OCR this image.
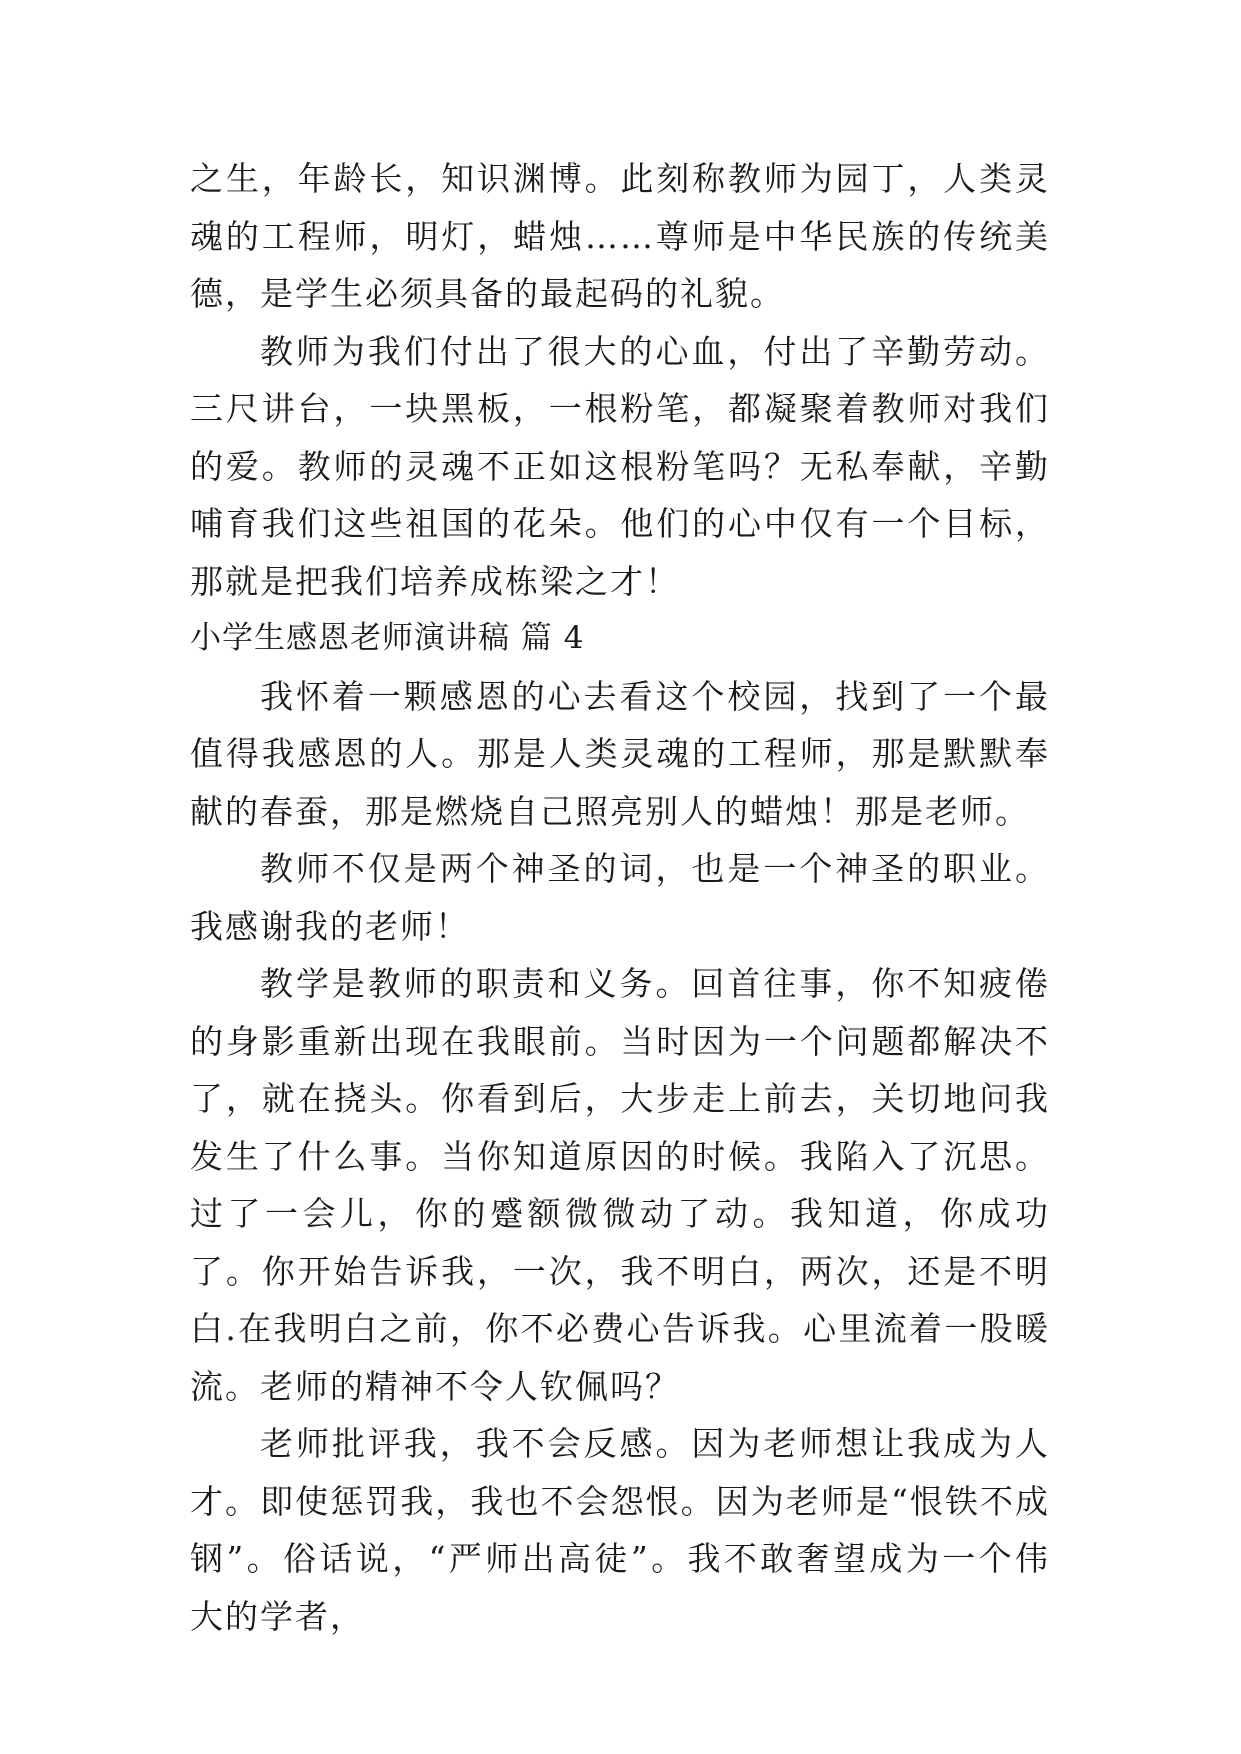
之生，年龄长，知识渊博。此刻称教师为园丁，人类灵魂的工程师，明灯，蜡烛……尊师是中华民族的传统美德，是学生必须具备的最起码的礼貌。

教师为我们付出了很大的心血，付出了辛勤劳动。三尺讲台，一块黑板，一根粉笔，都凝聚着教师对我们的爱。教师的灵魂不正如这根粉笔吗？无私奉献，辛勤哺育我们这些祖国的花朵。他们的心中仅有一个目标，那就是把我们培养成栋梁之才！

小学生感恩老师演讲稿 篇 4

我怀着一颗感恩的心去看这个校园，找到了一个最值得我感恩的人。那是人类灵魂的工程师，那是默默奉献的春蚕，那是燃烧自己照亮别人的蜡烛！那是老师。

教师不仅是两个神圣的词，也是一个神圣的职业。我感谢我的老师！

教学是教师的职责和义务。回首往事，你不知疲倦的身影重新出现在我眼前。当时因为一个问题都解决不了，就在挠头。你看到后，大步走上前去，关切地问我发生了什么事。当你知道原因的时候。我陷入了沉思。过了一会儿，你的蹙额微微动了动。我知道，你成功了。你开始告诉我，一次，我不明白，两次，还是不明白.在我明白之前，你不必费心告诉我。心里流着一股暖流。老师的精神不令人钦佩吗？

老师批评我，我不会反感。因为老师想让我成为人才。即使惩罚我，我也不会怨恨。因为老师是“恨铁不成钢”。俗话说，“严师出高徒”。我不敢奢望成为一个伟大的学者，
